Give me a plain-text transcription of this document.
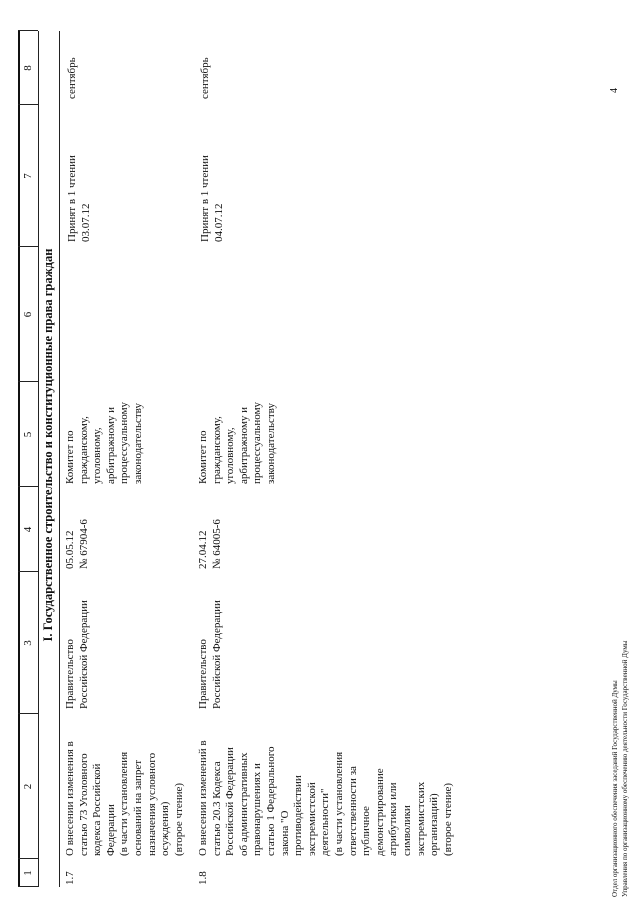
1
2
3
4
5
6
7
8
I. Государственное строительство и конституционные права граждан
1.7
О внесении изменения в
статью 73 Уголовного
кодекса Российской
Федерации
(в части установления
оснований на запрет
назначения условного
осуждения)
(второе чтение)
Правительство
Российской Федерации
05.05.12 № 67904-6
Комитет по
гражданскому,
уголовному,
арбитражному и
процессуальному
законодательству
Принят в 1 чтении
03.07.12
сентябрь
1.8
О внесении изменений в
статью 20.3 Кодекса
Российской Федерации
об административных
правонарушениях и
статью 1 Федерального
закона "О
противодействии
экстремистской
деятельности"
(в части установления
ответственности за
публичное
демонстрирование
атрибутики или
символики
экстремистских
организаций)
(второе чтение)
Правительство
Российской Федерации
27.04.12 № 64005-6
Комитет по
гражданскому,
уголовному,
арбитражному и
процессуальному
законодательству
Принят в 1 чтении
04.07.12
сентябрь
Отдел организационного обеспечения заседаний Государственной Думы Управления по организационному обеспечению деятельности Государственной Думы
4
